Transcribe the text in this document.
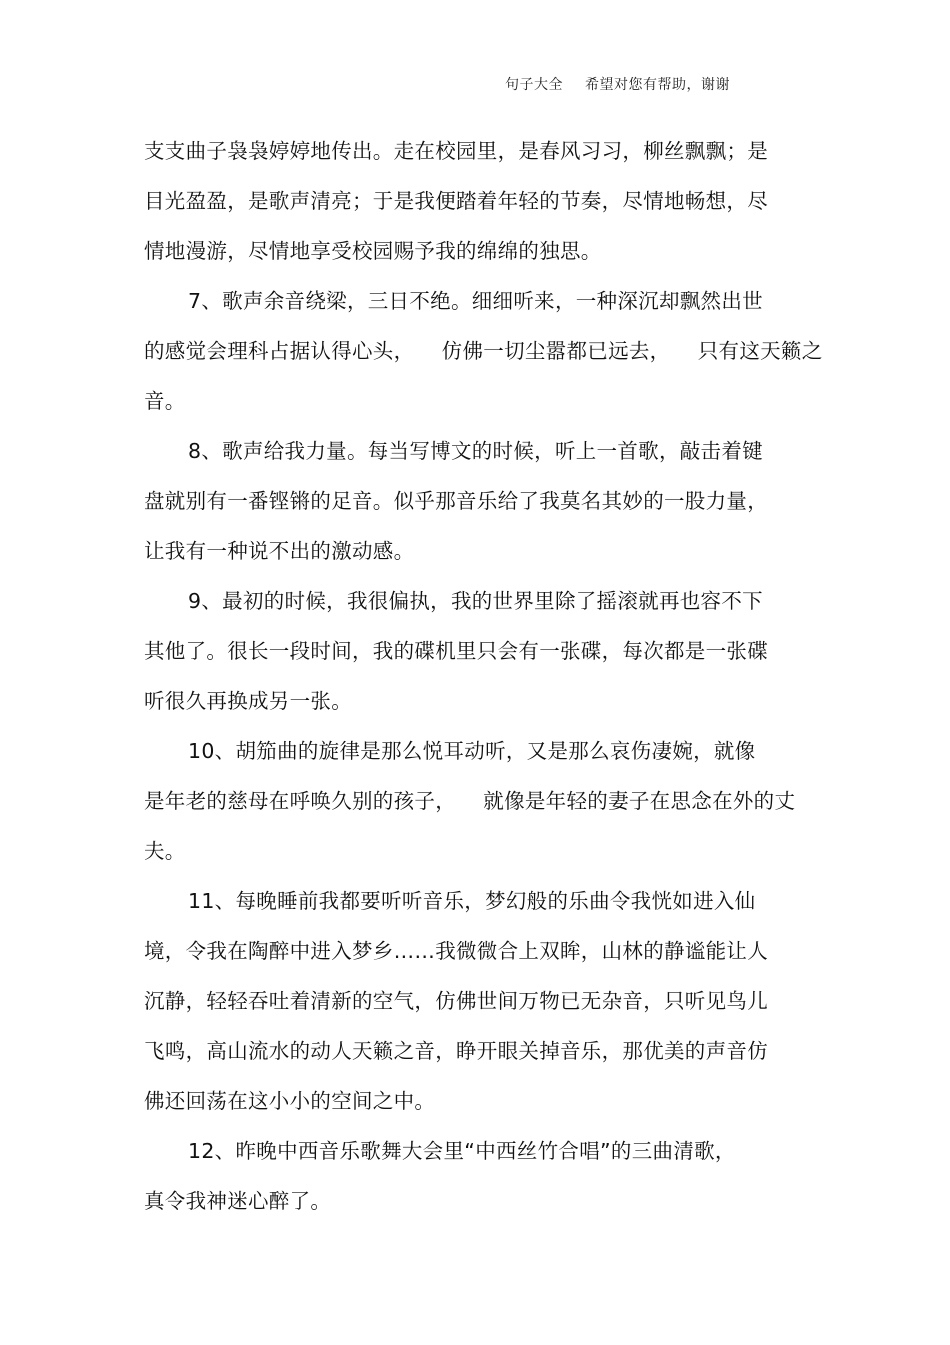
句子大全 希望对您有帮助，谢谢
支支曲子袅袅婷婷地传出。走在校园里，是春风习习，柳丝飘飘；是
目光盈盈，是歌声清亮；于是我便踏着年轻的节奏，尽情地畅想，尽
情地漫游，尽情地享受校园赐予我的绵绵的独思。
7、歌声余音绕梁，三日不绝。细细听来，一种深沉却飘然出世
的感觉会理科占据认得心头，    仿佛一切尘嚣都已远去，    只有这天籁之
音。
8、歌声给我力量。每当写博文的时候，听上一首歌，敲击着键
盘就别有一番铿锵的足音。似乎那音乐给了我莫名其妙的一股力量，
让我有一种说不出的激动感。
9、最初的时候，我很偏执，我的世界里除了摇滚就再也容不下
其他了。很长一段时间，我的碟机里只会有一张碟，每次都是一张碟
听很久再换成另一张。
10、胡笳曲的旋律是那么悦耳动听，又是那么哀伤凄婉，就像
是年老的慈母在呼唤久别的孩子，    就像是年轻的妻子在思念在外的丈
夫。
11、每晚睡前我都要听听音乐，梦幻般的乐曲令我恍如进入仙
境，令我在陶醉中进入梦乡……我微微合上双眸，山林的静谧能让人
沉静，轻轻吞吐着清新的空气，仿佛世间万物已无杂音，只听见鸟儿
飞鸣，高山流水的动人天籁之音，睁开眼关掉音乐，那优美的声音仿
佛还回荡在这小小的空间之中。
12、昨晚中西音乐歌舞大会里“中西丝竹合唱”的三曲清歌，
真令我神迷心醉了。
